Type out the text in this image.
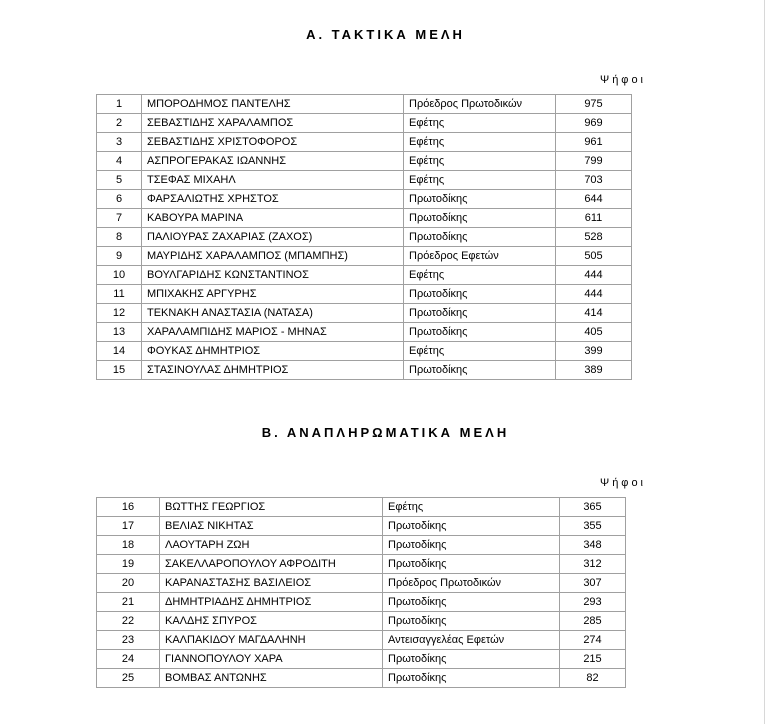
Α. ΤΑΚΤΙΚΑ ΜΕΛΗ
Ψήφοι
1	ΜΠΟΡΟΔΗΜΟΣ ΠΑΝΤΕΛΗΣ	Πρόεδρος Πρωτοδικών	975
2	ΣΕΒΑΣΤΙΔΗΣ ΧΑΡΑΛΑΜΠΟΣ	Εφέτης	969
3	ΣΕΒΑΣΤΙΔΗΣ ΧΡΙΣΤΟΦΟΡΟΣ	Εφέτης	961
4	ΑΣΠΡΟΓΕΡΑΚΑΣ ΙΩΑΝΝΗΣ	Εφέτης	799
5	ΤΣΕΦΑΣ ΜΙΧΑΗΛ	Εφέτης	703
6	ΦΑΡΣΑΛΙΩΤΗΣ ΧΡΗΣΤΟΣ	Πρωτοδίκης	644
7	ΚΑΒΟΥΡΑ ΜΑΡΙΝΑ	Πρωτοδίκης	611
8	ΠΑΛΙΟΥΡΑΣ ΖΑΧΑΡΙΑΣ (ΖΑΧΟΣ)	Πρωτοδίκης	528
9	ΜΑΥΡΙΔΗΣ ΧΑΡΑΛΑΜΠΟΣ (ΜΠΑΜΠΗΣ)	Πρόεδρος Εφετών	505
10	ΒΟΥΛΓΑΡΙΔΗΣ ΚΩΝΣΤΑΝΤΙΝΟΣ	Εφέτης	444
11	ΜΠΙΧΑΚΗΣ ΑΡΓΥΡΗΣ	Πρωτοδίκης	444
12	ΤΕΚΝΑΚΗ ΑΝΑΣΤΑΣΙΑ (ΝΑΤΑΣΑ)	Πρωτοδίκης	414
13	ΧΑΡΑΛΑΜΠΙΔΗΣ ΜΑΡΙΟΣ - ΜΗΝΑΣ	Πρωτοδίκης	405
14	ΦΟΥΚΑΣ ΔΗΜΗΤΡΙΟΣ	Εφέτης	399
15	ΣΤΑΣΙΝΟΥΛΑΣ ΔΗΜΗΤΡΙΟΣ	Πρωτοδίκης	389
Β. ΑΝΑΠΛΗΡΩΜΑΤΙΚΑ ΜΕΛΗ
Ψήφοι
16	ΒΩΤΤΗΣ ΓΕΩΡΓΙΟΣ	Εφέτης	365
17	ΒΕΛΙΑΣ ΝΙΚΗΤΑΣ	Πρωτοδίκης	355
18	ΛΑΟΥΤΑΡΗ ΖΩΗ	Πρωτοδίκης	348
19	ΣΑΚΕΛΛΑΡΟΠΟΥΛΟΥ ΑΦΡΟΔΙΤΗ	Πρωτοδίκης	312
20	ΚΑΡΑΝΑΣΤΑΣΗΣ ΒΑΣΙΛΕΙΟΣ	Πρόεδρος Πρωτοδικών	307
21	ΔΗΜΗΤΡΙΑΔΗΣ ΔΗΜΗΤΡΙΟΣ	Πρωτοδίκης	293
22	ΚΑΛΔΗΣ ΣΠΥΡΟΣ	Πρωτοδίκης	285
23	ΚΑΛΠΑΚΙΔΟΥ ΜΑΓΔΑΛΗΝΗ	Αντεισαγγελέας Εφετών	274
24	ΓΙΑΝΝΟΠΟΥΛΟΥ ΧΑΡΑ	Πρωτοδίκης	215
25	ΒΟΜΒΑΣ ΑΝΤΩΝΗΣ	Πρωτοδίκης	82
